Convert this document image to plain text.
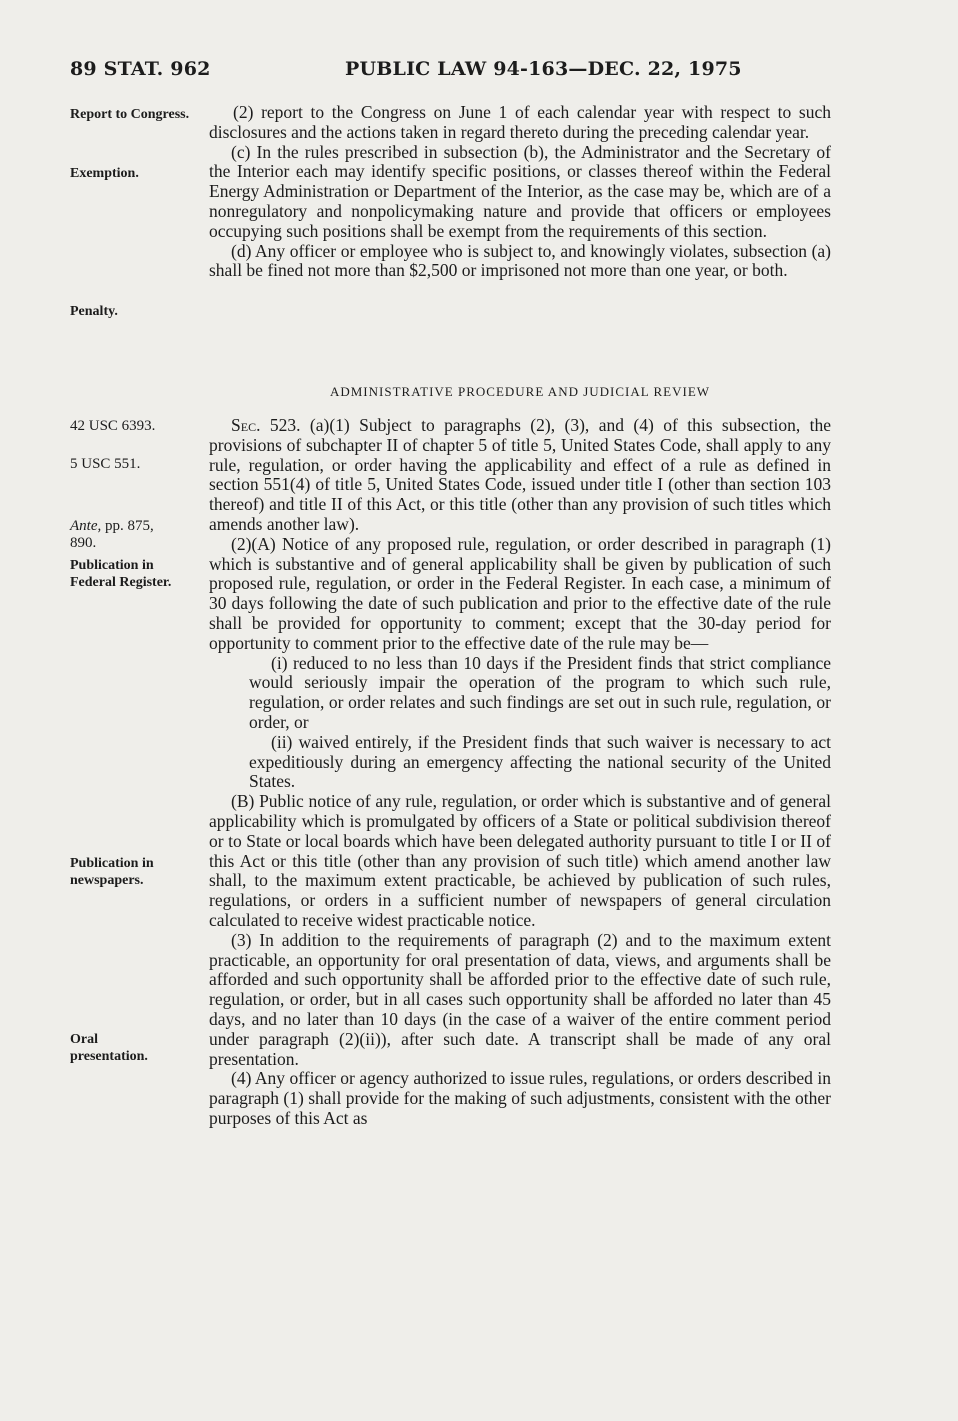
89 STAT. 962	PUBLIC LAW 94-163—DEC. 22, 1975
Report to Congress.
Exemption.
Penalty.
42 USC 6393.
5 USC 551.
Ante, pp. 875, 890.
Publication in Federal Register.
Publication in newspapers.
Oral presentation.

(2) report to the Congress on June 1 of each calendar year with respect to such disclosures and the actions taken in regard thereto during the preceding calendar year.

(c) In the rules prescribed in subsection (b), the Administrator and the Secretary of the Interior each may identify specific positions, or classes thereof within the Federal Energy Administration or Department of the Interior, as the case may be, which are of a nonregulatory and nonpolicymaking nature and provide that officers or employees occupying such positions shall be exempt from the requirements of this section.

(d) Any officer or employee who is subject to, and knowingly violates, subsection (a) shall be fined not more than $2,500 or imprisoned not more than one year, or both.

ADMINISTRATIVE PROCEDURE AND JUDICIAL REVIEW

Sec. 523. (a)(1) Subject to paragraphs (2), (3), and (4) of this subsection, the provisions of subchapter II of chapter 5 of title 5, United States Code, shall apply to any rule, regulation, or order having the applicability and effect of a rule as defined in section 551(4) of title 5, United States Code, issued under title I (other than section 103 thereof) and title II of this Act, or this title (other than any provision of such titles which amends another law).

(2)(A) Notice of any proposed rule, regulation, or order described in paragraph (1) which is substantive and of general applicability shall be given by publication of such proposed rule, regulation, or order in the Federal Register. In each case, a minimum of 30 days following the date of such publication and prior to the effective date of the rule shall be provided for opportunity to comment; except that the 30-day period for opportunity to comment prior to the effective date of the rule may be—

(i) reduced to no less than 10 days if the President finds that strict compliance would seriously impair the operation of the program to which such rule, regulation, or order relates and such findings are set out in such rule, regulation, or order, or

(ii) waived entirely, if the President finds that such waiver is necessary to act expeditiously during an emergency affecting the national security of the United States.

(B) Public notice of any rule, regulation, or order which is substantive and of general applicability which is promulgated by officers of a State or political subdivision thereof or to State or local boards which have been delegated authority pursuant to title I or II of this Act or this title (other than any provision of such title) which amend another law shall, to the maximum extent practicable, be achieved by publication of such rules, regulations, or orders in a sufficient number of newspapers of general circulation calculated to receive widest practicable notice.

(3) In addition to the requirements of paragraph (2) and to the maximum extent practicable, an opportunity for oral presentation of data, views, and arguments shall be afforded and such opportunity shall be afforded prior to the effective date of such rule, regulation, or order, but in all cases such opportunity shall be afforded no later than 45 days, and no later than 10 days (in the case of a waiver of the entire comment period under paragraph (2)(ii)), after such date. A transcript shall be made of any oral presentation.

(4) Any officer or agency authorized to issue rules, regulations, or orders described in paragraph (1) shall provide for the making of such adjustments, consistent with the other purposes of this Act as
